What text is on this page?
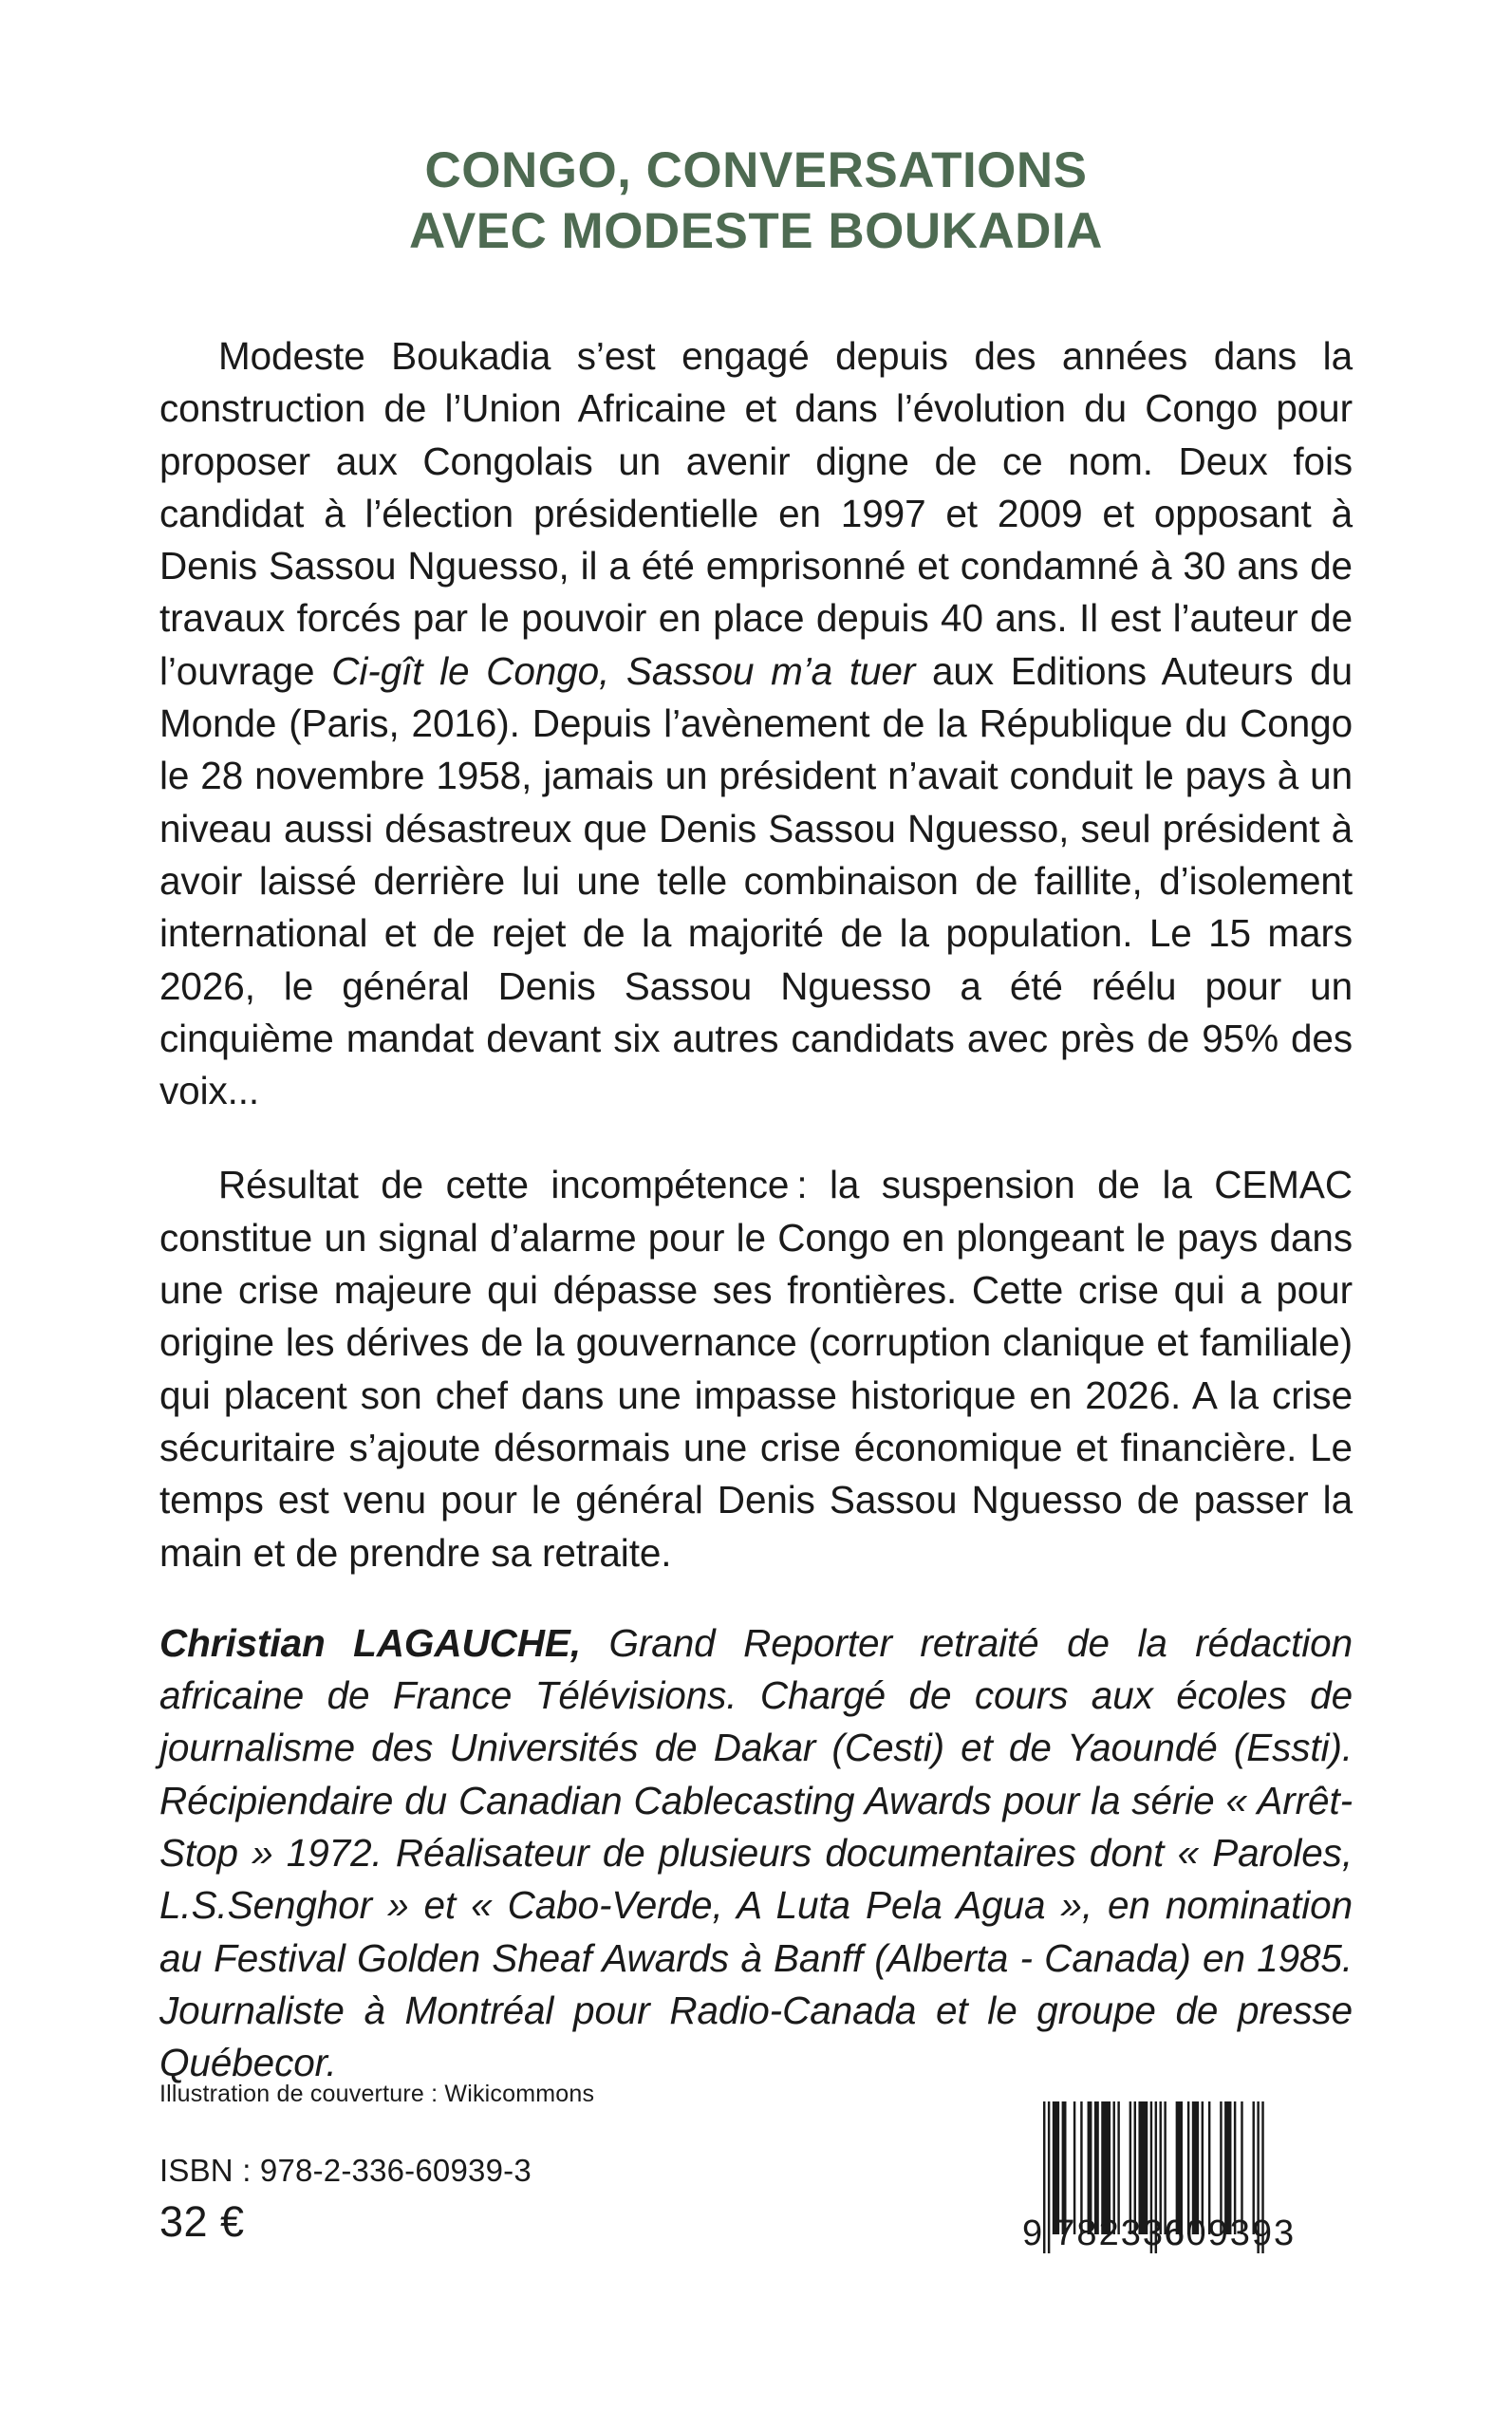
CONGO, CONVERSATIONS
AVEC MODESTE BOUKADIA

Modeste Boukadia s’est engagé depuis des années dans la construction de l’Union Africaine et dans l’évolution du Congo pour proposer aux Congolais un avenir digne de ce nom. Deux fois candidat à l’élection présidentielle en 1997 et 2009 et opposant à Denis Sassou Nguesso, il a été emprisonné et condamné à 30 ans de travaux forcés par le pouvoir en place depuis 40 ans. Il est l’auteur de l’ouvrage Ci-gît le Congo, Sassou m’a tuer aux Editions Auteurs du Monde (Paris, 2016). Depuis l’avènement de la République du Congo le 28 novembre 1958, jamais un président n’avait conduit le pays à un niveau aussi désastreux que Denis Sassou Nguesso, seul président à avoir laissé derrière lui une telle combinaison de faillite, d’isolement international et de rejet de la majorité de la population. Le 15 mars 2026, le général Denis Sassou Nguesso a été réélu pour un cinquième mandat devant six autres candidats avec près de 95% des voix...

Résultat de cette incompétence : la suspension de la CEMAC constitue un signal d’alarme pour le Congo en plongeant le pays dans une crise majeure qui dépasse ses frontières. Cette crise qui a pour origine les dérives de la gouvernance (corruption clanique et familiale) qui placent son chef dans une impasse historique en 2026. A la crise sécuritaire s’ajoute désormais une crise économique et financière. Le temps est venu pour le général Denis Sassou Nguesso de passer la main et de prendre sa retraite.

Christian LAGAUCHE, Grand Reporter retraité de la rédaction africaine de France Télévisions. Chargé de cours aux écoles de journalisme des Universités de Dakar (Cesti) et de Yaoundé (Essti). Récipiendaire du Canadian Cablecasting Awards pour la série « Arrêt-Stop » 1972. Réalisateur de plusieurs documentaires dont « Paroles, L.S.Senghor » et « Cabo-Verde, A Luta Pela Agua », en nomination au Festival Golden Sheaf Awards à Banff (Alberta - Canada) en 1985. Journaliste à Montréal pour Radio-Canada et le groupe de presse Québecor.

Illustration de couverture : Wikicommons

ISBN : 978-2-336-60939-3

32 €	9 782336
609393
